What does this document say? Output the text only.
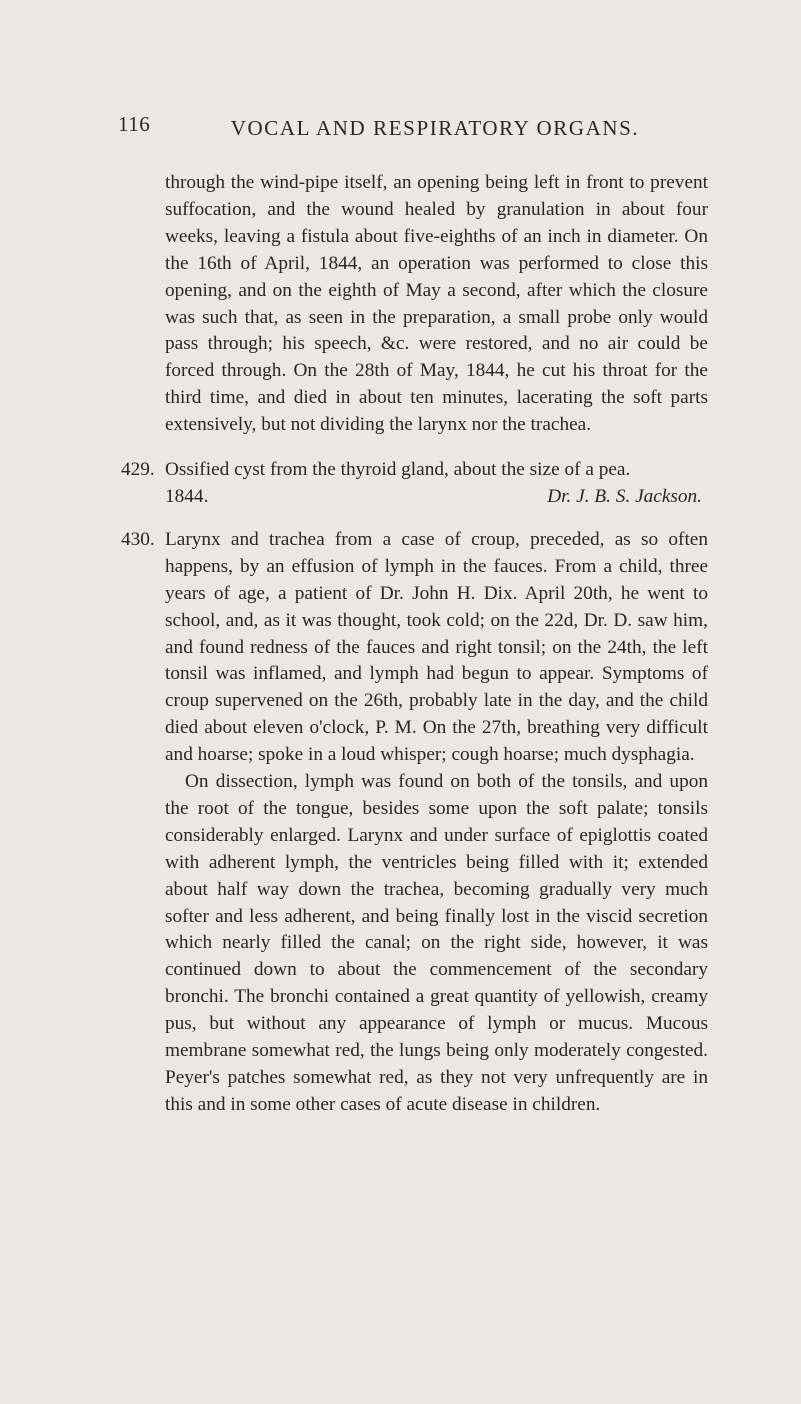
116	VOCAL AND RESPIRATORY ORGANS.

through the wind-pipe itself, an opening being left in front to prevent suffocation, and the wound healed by granulation in about four weeks, leaving a fistula about five-eighths of an inch in diameter. On the 16th of April, 1844, an operation was performed to close this opening, and on the eighth of May a second, after which the closure was such that, as seen in the preparation, a small probe only would pass through; his speech, &c. were restored, and no air could be forced through. On the 28th of May, 1844, he cut his throat for the third time, and died in about ten minutes, lacerating the soft parts extensively, but not dividing the larynx nor the trachea.

429. Ossified cyst from the thyroid gland, about the size of a pea.

1844.	Dr. J. B. S. Jackson.
430. Larynx and trachea from a case of croup, preceded, as so often happens, by an effusion of lymph in the fauces. From a child, three years of age, a patient of Dr. John H. Dix. April 20th, he went to school, and, as it was thought, took cold; on the 22d, Dr. D. saw him, and found redness of the fauces and right tonsil; on the 24th, the left tonsil was inflamed, and lymph had begun to appear. Symptoms of croup supervened on the 26th, probably late in the day, and the child died about eleven o'clock, P. M. On the 27th, breathing very difficult and hoarse; spoke in a loud whisper; cough hoarse; much dysphagia.

On dissection, lymph was found on both of the tonsils, and upon the root of the tongue, besides some upon the soft palate; tonsils considerably enlarged. Larynx and under surface of epiglottis coated with adherent lymph, the ventricles being filled with it; extended about half way down the trachea, becoming gradually very much softer and less adherent, and being finally lost in the viscid secretion which nearly filled the canal; on the right side, however, it was continued down to about the commencement of the secondary bronchi. The bronchi contained a great quantity of yellowish, creamy pus, but without any appearance of lymph or mucus. Mucous membrane somewhat red, the lungs being only moderately congested. Peyer's patches somewhat red, as they not very unfrequently are in this and in some other cases of acute disease in children.
